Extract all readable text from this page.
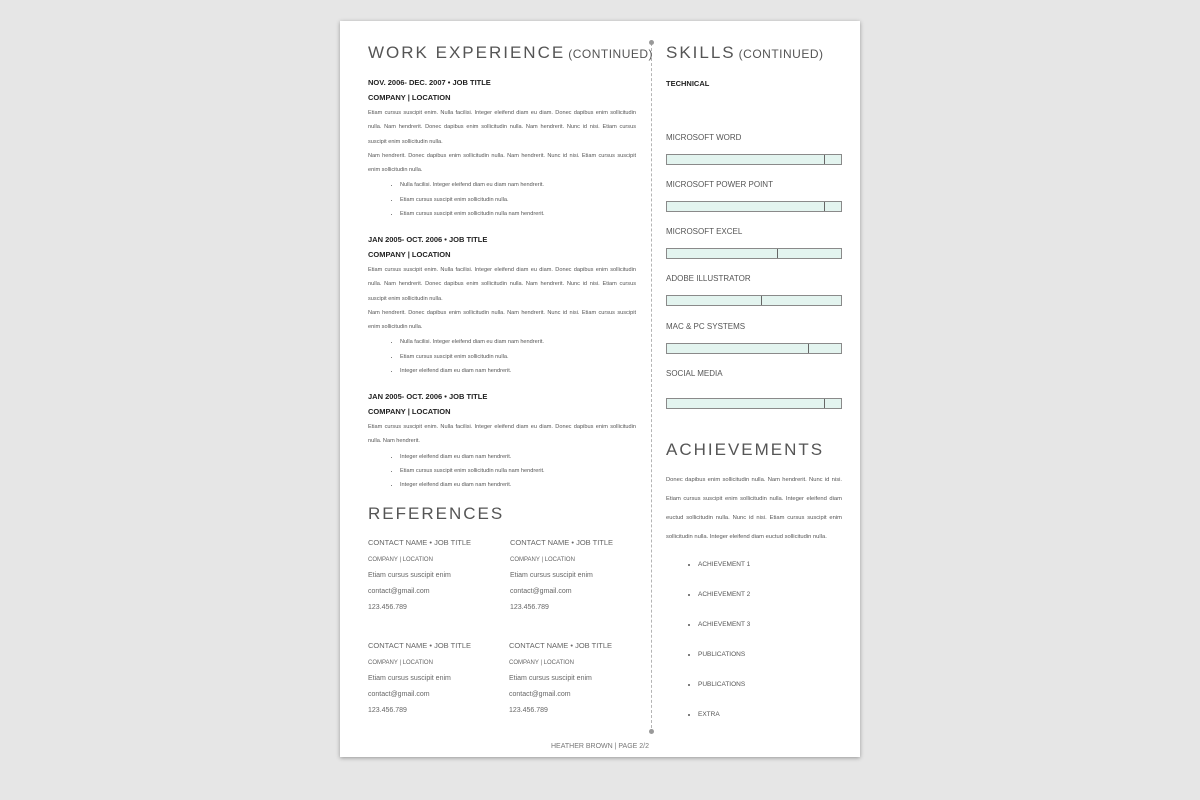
WORK EXPERIENCE (CONTINUED)

NOV. 2006- DEC. 2007 • JOB TITLE

COMPANY | LOCATION

Etiam cursus suscipit enim. Nulla facilisi. Integer eleifend diam eu diam. Donec dapibus enim sollicitudin nulla. Nam hendrerit. Donec dapibus enim sollicitudin nulla. Nam hendrerit. Nunc id nisi. Etiam cursus suscipit enim sollicitudin nulla.

Nam hendrerit. Donec dapibus enim sollicitudin nulla. Nam hendrerit. Nunc id nisi. Etiam cursus suscipit enim sollicitudin nulla.

• Nulla facilisi. Integer eleifend diam eu diam nam hendrerit.
• Etiam cursus suscipit enim sollicitudin nulla.
• Etiam cursus suscipit enim sollicitudin nulla nam hendrerit.

JAN 2005- OCT. 2006 • JOB TITLE

COMPANY | LOCATION

Etiam cursus suscipit enim. Nulla facilisi. Integer eleifend diam eu diam. Donec dapibus enim sollicitudin nulla. Nam hendrerit. Donec dapibus enim sollicitudin nulla. Nam hendrerit. Nunc id nisi. Etiam cursus suscipit enim sollicitudin nulla.

Nam hendrerit. Donec dapibus enim sollicitudin nulla. Nam hendrerit. Nunc id nisi. Etiam cursus suscipit enim sollicitudin nulla.

• Nulla facilisi. Integer eleifend diam eu diam nam hendrerit.
• Etiam cursus suscipit enim sollicitudin nulla.
• Integer eleifend diam eu diam nam hendrerit.

JAN 2005- OCT. 2006 • JOB TITLE

COMPANY | LOCATION

Etiam cursus suscipit enim. Nulla facilisi. Integer eleifend diam eu diam. Donec dapibus enim sollicitudin nulla. Nam hendrerit.

• Integer eleifend diam eu diam nam hendrerit.
• Etiam cursus suscipit enim sollicitudin nulla nam hendrerit.
• Integer eleifend diam eu diam nam hendrerit.
REFERENCES

CONTACT NAME • JOB TITLE

COMPANY | LOCATION

Etiam cursus suscipit enim

contact@gmail.com

123.456.789

CONTACT NAME • JOB TITLE

COMPANY | LOCATION

Etiam cursus suscipit enim

contact@gmail.com

123.456.789

CONTACT NAME • JOB TITLE

COMPANY | LOCATION

Etiam cursus suscipit enim

contact@gmail.com

123.456.789

CONTACT NAME • JOB TITLE

COMPANY | LOCATION

Etiam cursus suscipit enim

contact@gmail.com

123.456.789

SKILLS (CONTINUED)

TECHNICAL

MICROSOFT WORD

MICROSOFT POWER POINT

MICROSOFT EXCEL

ADOBE ILLUSTRATOR

MAC & PC SYSTEMS

SOCIAL MEDIA

ACHIEVEMENTS

Donec dapibus enim sollicitudin nulla. Nam hendrerit. Nunc id nisi. Etiam cursus suscipit enim sollicitudin nulla. Integer eleifend diam euctud sollicitudin nulla. Nunc id nisi. Etiam cursus suscipit enim sollicitudin nulla. Integer eleifend diam euctud sollicitudin nulla.

• ACHIEVEMENT 1
• ACHIEVEMENT 2
• ACHIEVEMENT 3
• PUBLICATIONS
• PUBLICATIONS
• EXTRA
HEATHER BROWN | PAGE 2/2
